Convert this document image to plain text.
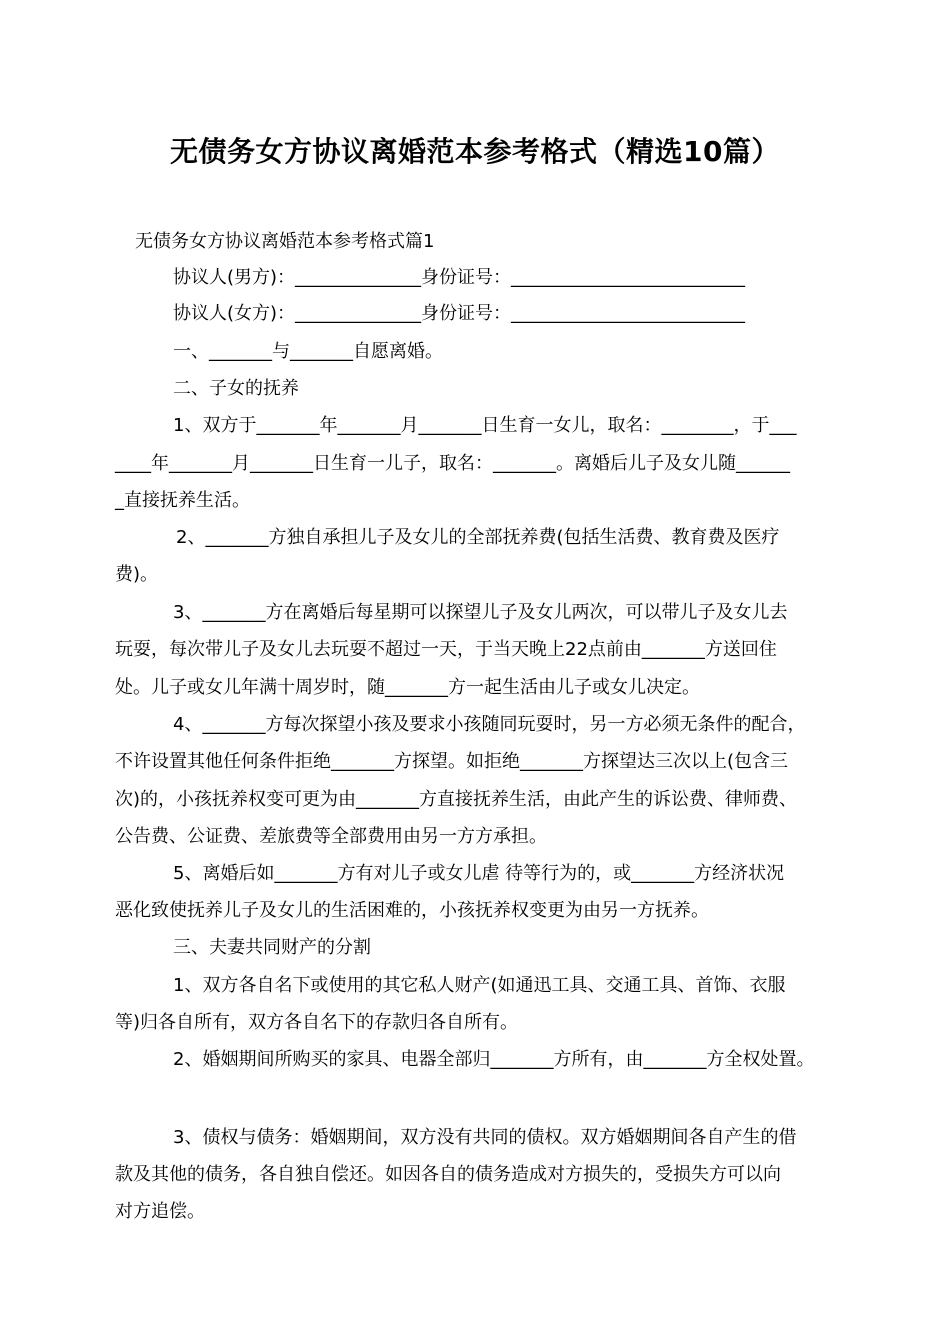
无债务女方协议离婚范本参考格式（精选10篇）
无债务女方协议离婚范本参考格式篇1
协议人(男方)：______________身份证号：__________________________
协议人(女方)：______________身份证号：__________________________
一、_______与_______自愿离婚。
二、子女的抚养
1、双方于_______年_______月_______日生育一女儿，取名：________，于___
____年_______月_______日生育一儿子，取名：_______。离婚后儿子及女儿随______
_直接抚养生活。
2、_______方独自承担儿子及女儿的全部抚养费(包括生活费、教育费及医疗
费)。
3、_______方在离婚后每星期可以探望儿子及女儿两次，可以带儿子及女儿去
玩耍，每次带儿子及女儿去玩耍不超过一天，于当天晚上22点前由_______方送回住
处。儿子或女儿年满十周岁时，随_______方一起生活由儿子或女儿决定。
4、_______方每次探望小孩及要求小孩随同玩耍时，另一方必须无条件的配合，
不许设置其他任何条件拒绝_______方探望。如拒绝_______方探望达三次以上(包含三
次)的，小孩抚养权变可更为由_______方直接抚养生活，由此产生的诉讼费、律师费、
公告费、公证费、差旅费等全部费用由另一方方承担。
5、离婚后如_______方有对儿子或女儿虐 待等行为的，或_______方经济状况
恶化致使抚养儿子及女儿的生活困难的，小孩抚养权变更为由另一方抚养。
三、夫妻共同财产的分割
1、双方各自名下或使用的其它私人财产(如通迅工具、交通工具、首饰、衣服
等)归各自所有，双方各自名下的存款归各自所有。
2、婚姻期间所购买的家具、电器全部归_______方所有，由_______方全权处置。
3、债权与债务：婚姻期间，双方没有共同的债权。双方婚姻期间各自产生的借
款及其他的债务，各自独自偿还。如因各自的债务造成对方损失的，受损失方可以向
对方追偿。
